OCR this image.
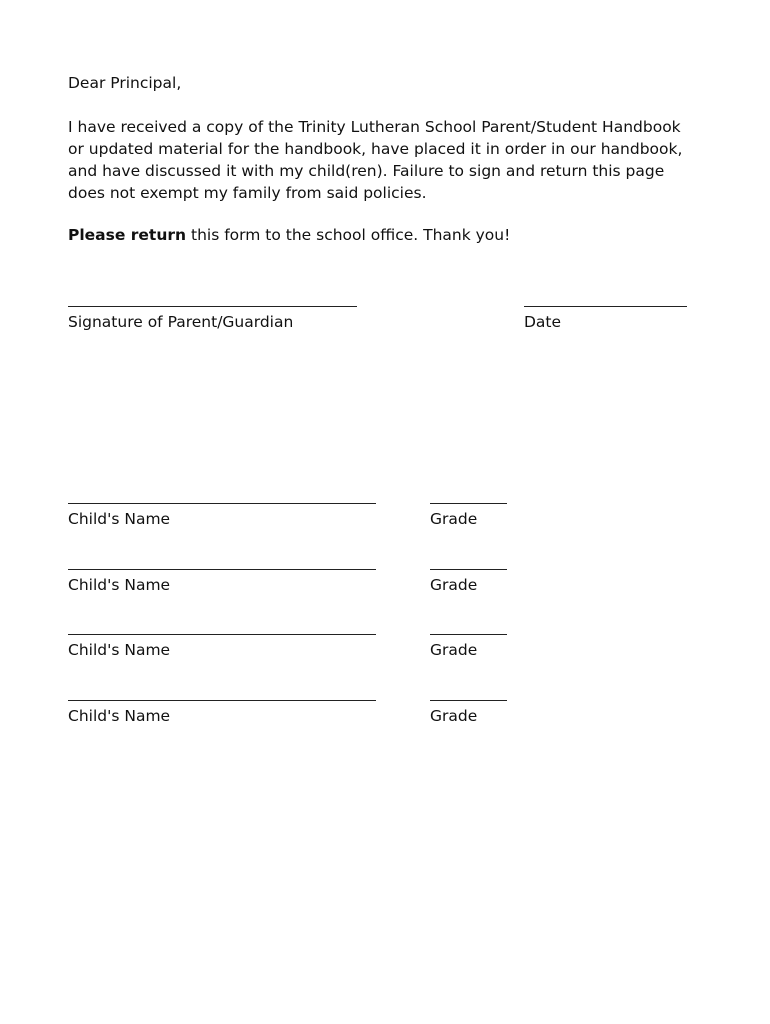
Dear Principal,

I have received a copy of the Trinity Lutheran School Parent/Student Handbook
or updated material for the handbook, have placed it in order in our handbook,
and have discussed it with my child(ren). Failure to sign and return this page
does not exempt my family from said policies.

Please return this form to the school office. Thank you!

Signature of Parent/Guardian	Date
Child's Name	Grade
Child's Name	Grade
Child's Name	Grade
Child's Name	Grade
